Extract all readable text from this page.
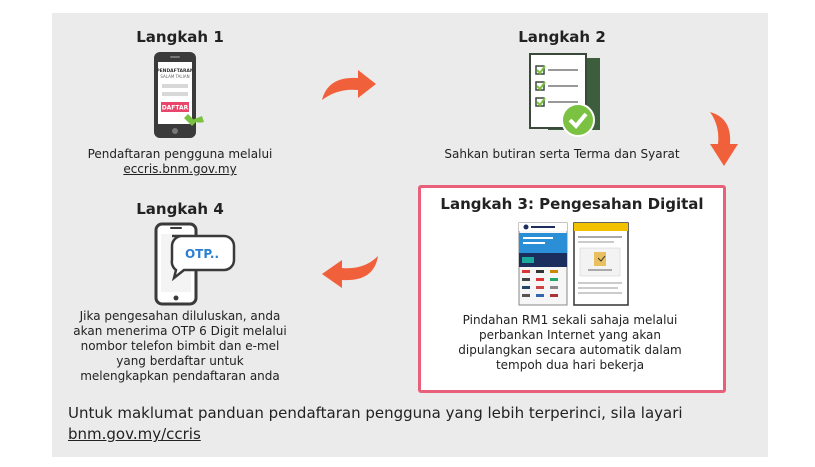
Langkah 1
PENDAFTARAN
SALAM TALIAN
DAFTAR
Pendaftaran pengguna melalui
eccris.bnm.gov.my
Langkah 2
Sahkan butiran serta Terma dan Syarat
Langkah 3: Pengesahan Digital
Pindahan RM1 sekali sahaja melalui
perbankan Internet yang akan
dipulangkan secara automatik dalam
tempoh dua hari bekerja
Langkah 4
OTP..
Jika pengesahan diluluskan, anda
akan menerima OTP 6 Digit melalui
nombor telefon bimbit dan e-mel
yang berdaftar untuk
melengkapkan pendaftaran anda
Untuk maklumat panduan pendaftaran pengguna yang lebih terperinci, sila layari
bnm.gov.my/ccris
